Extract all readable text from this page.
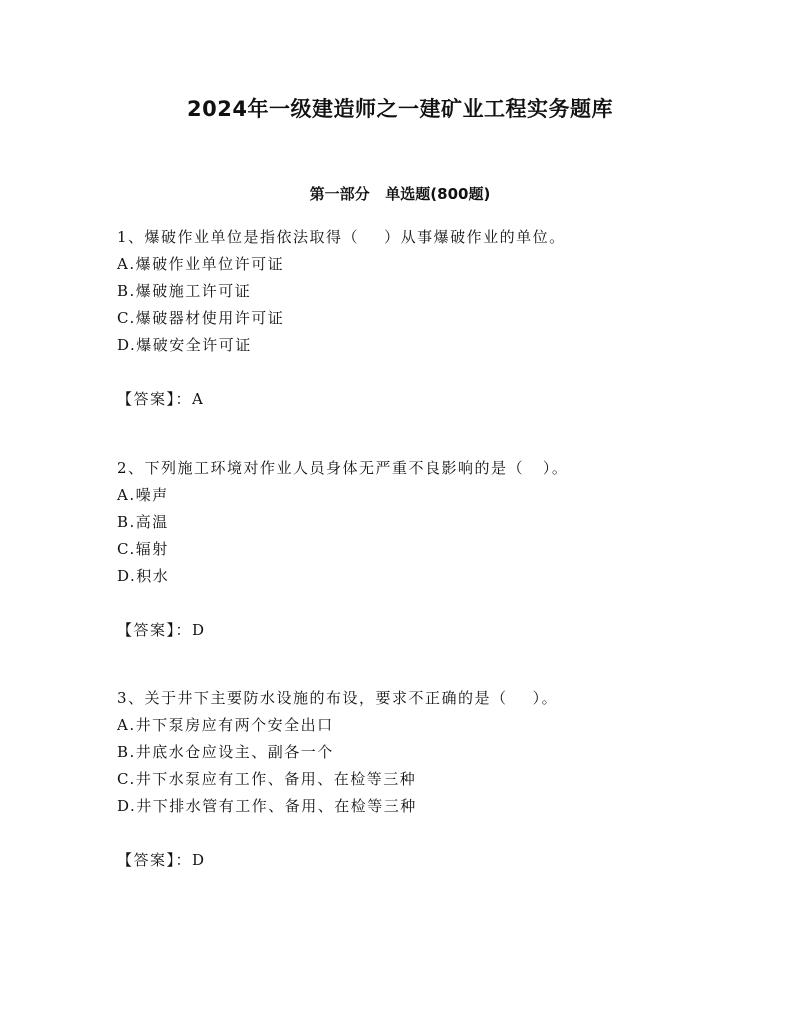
2024年一级建造师之一建矿业工程实务题库
第一部分   单选题(800题)
1、爆破作业单位是指依法取得（    ）从事爆破作业的单位。
A.爆破作业单位许可证
B.爆破施工许可证
C.爆破器材使用许可证
D.爆破安全许可证
【答案】：A
2、下列施工环境对作业人员身体无严重不良影响的是（   ）。
A.噪声
B.高温
C.辐射
D.积水
【答案】：D
3、关于井下主要防水设施的布设，要求不正确的是（    ）。
A.井下泵房应有两个安全出口
B.井底水仓应设主、副各一个
C.井下水泵应有工作、备用、在检等三种
D.井下排水管有工作、备用、在检等三种
【答案】：D
